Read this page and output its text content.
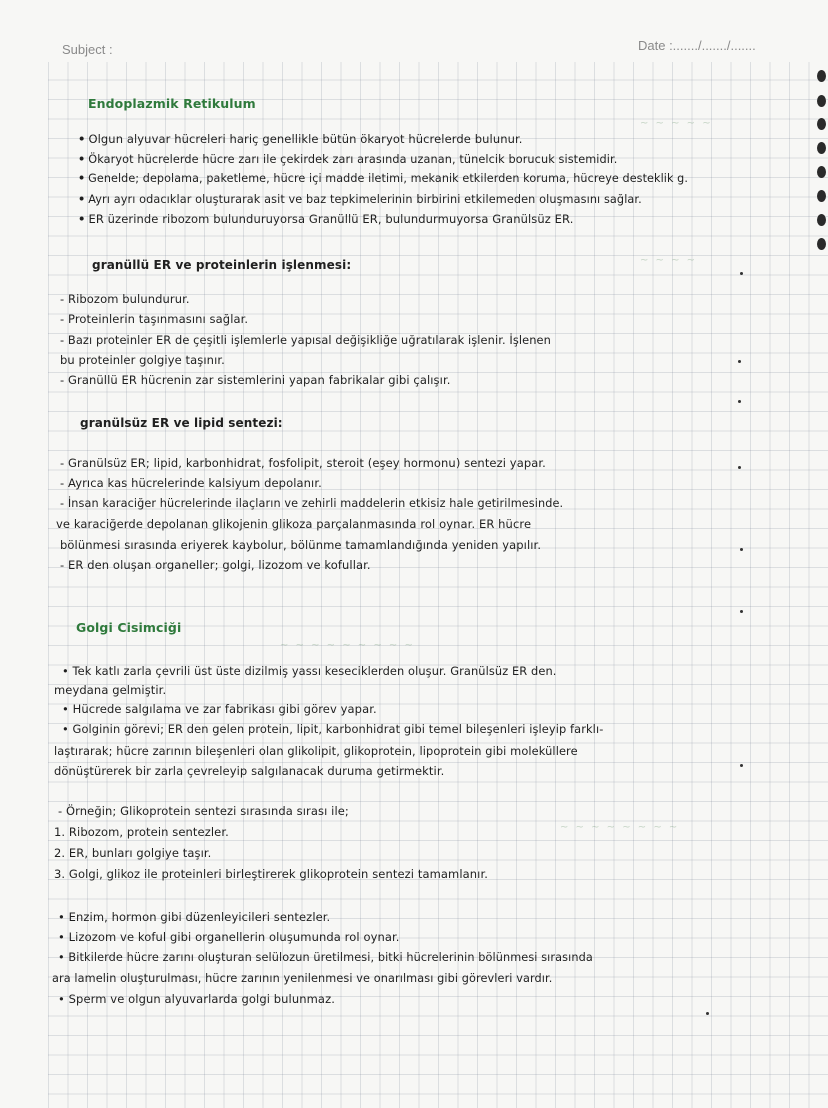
Subject :	Date :......./......./.......
~ ~ ~ ~ ~
~ ~ ~ ~
~ ~ ~ ~ ~ ~ ~ ~ ~
~ ~ ~ ~ ~ ~ ~ ~
Endoplazmik Retikulum
• Olgun alyuvar hücreleri hariç genellikle bütün ökaryot hücrelerde bulunur.
• Ökaryot hücrelerde hücre zarı ile çekirdek zarı arasında uzanan, tünelcik borucuk sistemidir.
• Genelde; depolama, paketleme, hücre içi madde iletimi, mekanik etkilerden koruma, hücreye desteklik g.
• Ayrı ayrı odacıklar oluşturarak asit ve baz tepkimelerinin birbirini etkilemeden oluşmasını sağlar.
• ER üzerinde ribozom bulunduruyorsa Granüllü ER, bulundurmuyorsa Granülsüz ER.
granüllü ER ve proteinlerin işlenmesi:
- Ribozom bulundurur.
- Proteinlerin taşınmasını sağlar.
- Bazı proteinler ER de çeşitli işlemlerle yapısal değişikliğe uğratılarak işlenir. İşlenen
bu proteinler golgiye taşınır.
- Granüllü ER hücrenin zar sistemlerini yapan fabrikalar gibi çalışır.
granülsüz ER ve lipid sentezi:
- Granülsüz ER; lipid, karbonhidrat, fosfolipit, steroit (eşey hormonu) sentezi yapar.
- Ayrıca kas hücrelerinde kalsiyum depolanır.
- İnsan karaciğer hücrelerinde ilaçların ve zehirli maddelerin etkisiz hale getirilmesinde.
ve karaciğerde depolanan glikojenin glikoza parçalanmasında rol oynar. ER hücre
bölünmesi sırasında eriyerek kaybolur, bölünme tamamlandığında yeniden yapılır.
- ER den oluşan organeller; golgi, lizozom ve kofullar.
Golgi Cisimciği
• Tek katlı zarla çevrili üst üste dizilmiş yassı keseciklerden oluşur. Granülsüz ER den.
meydana gelmiştir.
• Hücrede salgılama ve zar fabrikası gibi görev yapar.
• Golginin görevi; ER den gelen protein, lipit, karbonhidrat gibi temel bileşenleri işleyip farklı-
laştırarak; hücre zarının bileşenleri olan glikolipit, glikoprotein, lipoprotein gibi moleküllere
dönüştürerek bir zarla çevreleyip salgılanacak duruma getirmektir.
- Örneğin; Glikoprotein sentezi sırasında sırası ile;
1. Ribozom, protein sentezler.
2. ER, bunları golgiye taşır.
3. Golgi, glikoz ile proteinleri birleştirerek glikoprotein sentezi tamamlanır.
• Enzim, hormon gibi düzenleyicileri sentezler.
• Lizozom ve koful gibi organellerin oluşumunda rol oynar.
• Bitkilerde hücre zarını oluşturan selülozun üretilmesi, bitki hücrelerinin bölünmesi sırasında
ara lamelin oluşturulması, hücre zarının yenilenmesi ve onarılması gibi görevleri vardır.
• Sperm ve olgun alyuvarlarda golgi bulunmaz.
